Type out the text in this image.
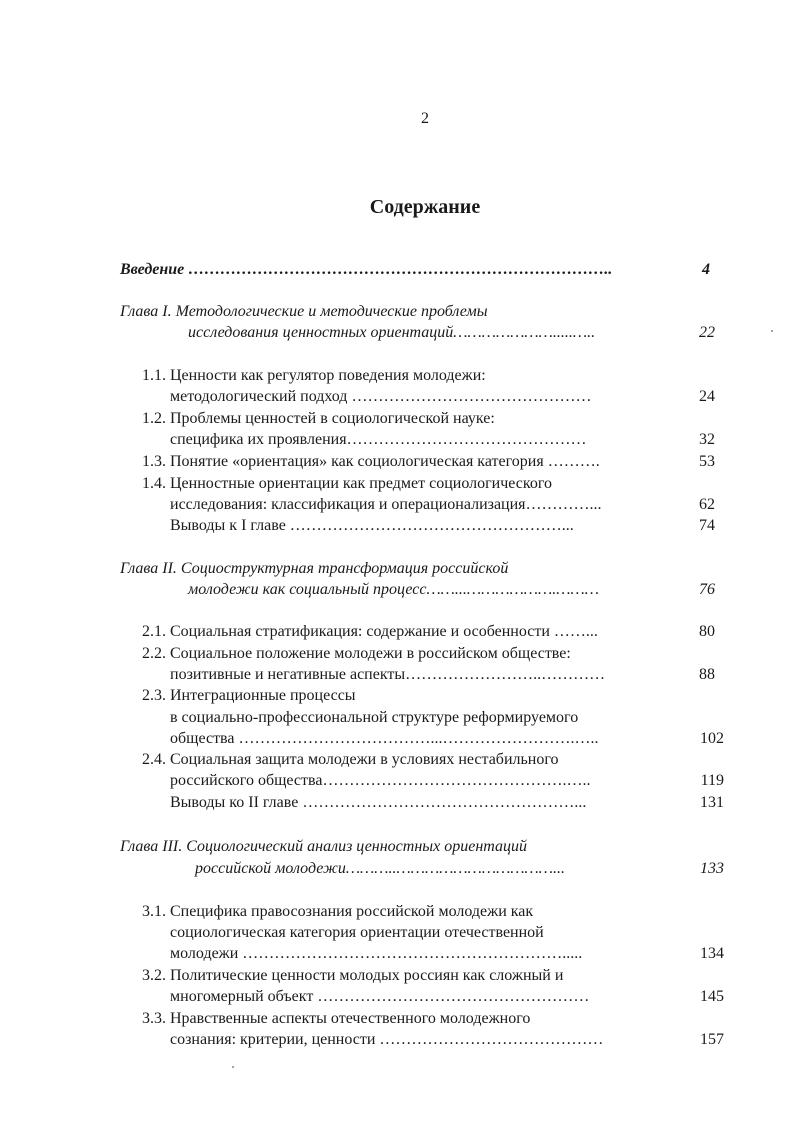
2
Содержание
Введение ……………………………………………………………………..	4
Глава I. Методологические и методические проблемы
исследования ценностных ориентаций………………….....…..	22
1.1. Ценности как регулятор поведения молодежи:
методологический подход ………………………………………	24
1.2. Проблемы ценностей в социологической науке:
специфика их проявления………………………………………	32
1.3. Понятие «ориентация» как социологическая категория ……….	53
1.4. Ценностные ориентации как предмет социологического
исследования: классификация и операционализация…………...	62
Выводы к I главе ……………………………………………...	74
Глава II. Социоструктурная трансформация российской
молодежи как социальный процесс……...……………….………	76
2.1. Социальная стратификация: содержание и особенности ……...	80
2.2. Социальное положение молодежи в российском обществе:
позитивные и негативные аспекты……………………..…………	88
2.3. Интеграционные процессы
в социально-профессиональной структуре реформируемого
общества ………………………………...…………………….…..	102
2.4. Социальная защита молодежи в условиях нестабильного
российского общества……………………………………….…..	119
Выводы ко II главе ……………………………………………...	131
Глава III. Социологический анализ ценностных ориентаций
российской молодежи………..……………………………...	133
3.1. Специфика правосознания российской молодежи как
социологическая категория ориентации отечественной
молодежи …………………………………………………….....	134
3.2. Политические ценности молодых россиян как сложный и
многомерный объект ……………………………………………	145
3.3. Нравственные аспекты отечественного молодежного
сознания: критерии, ценности ……………………………………	157
